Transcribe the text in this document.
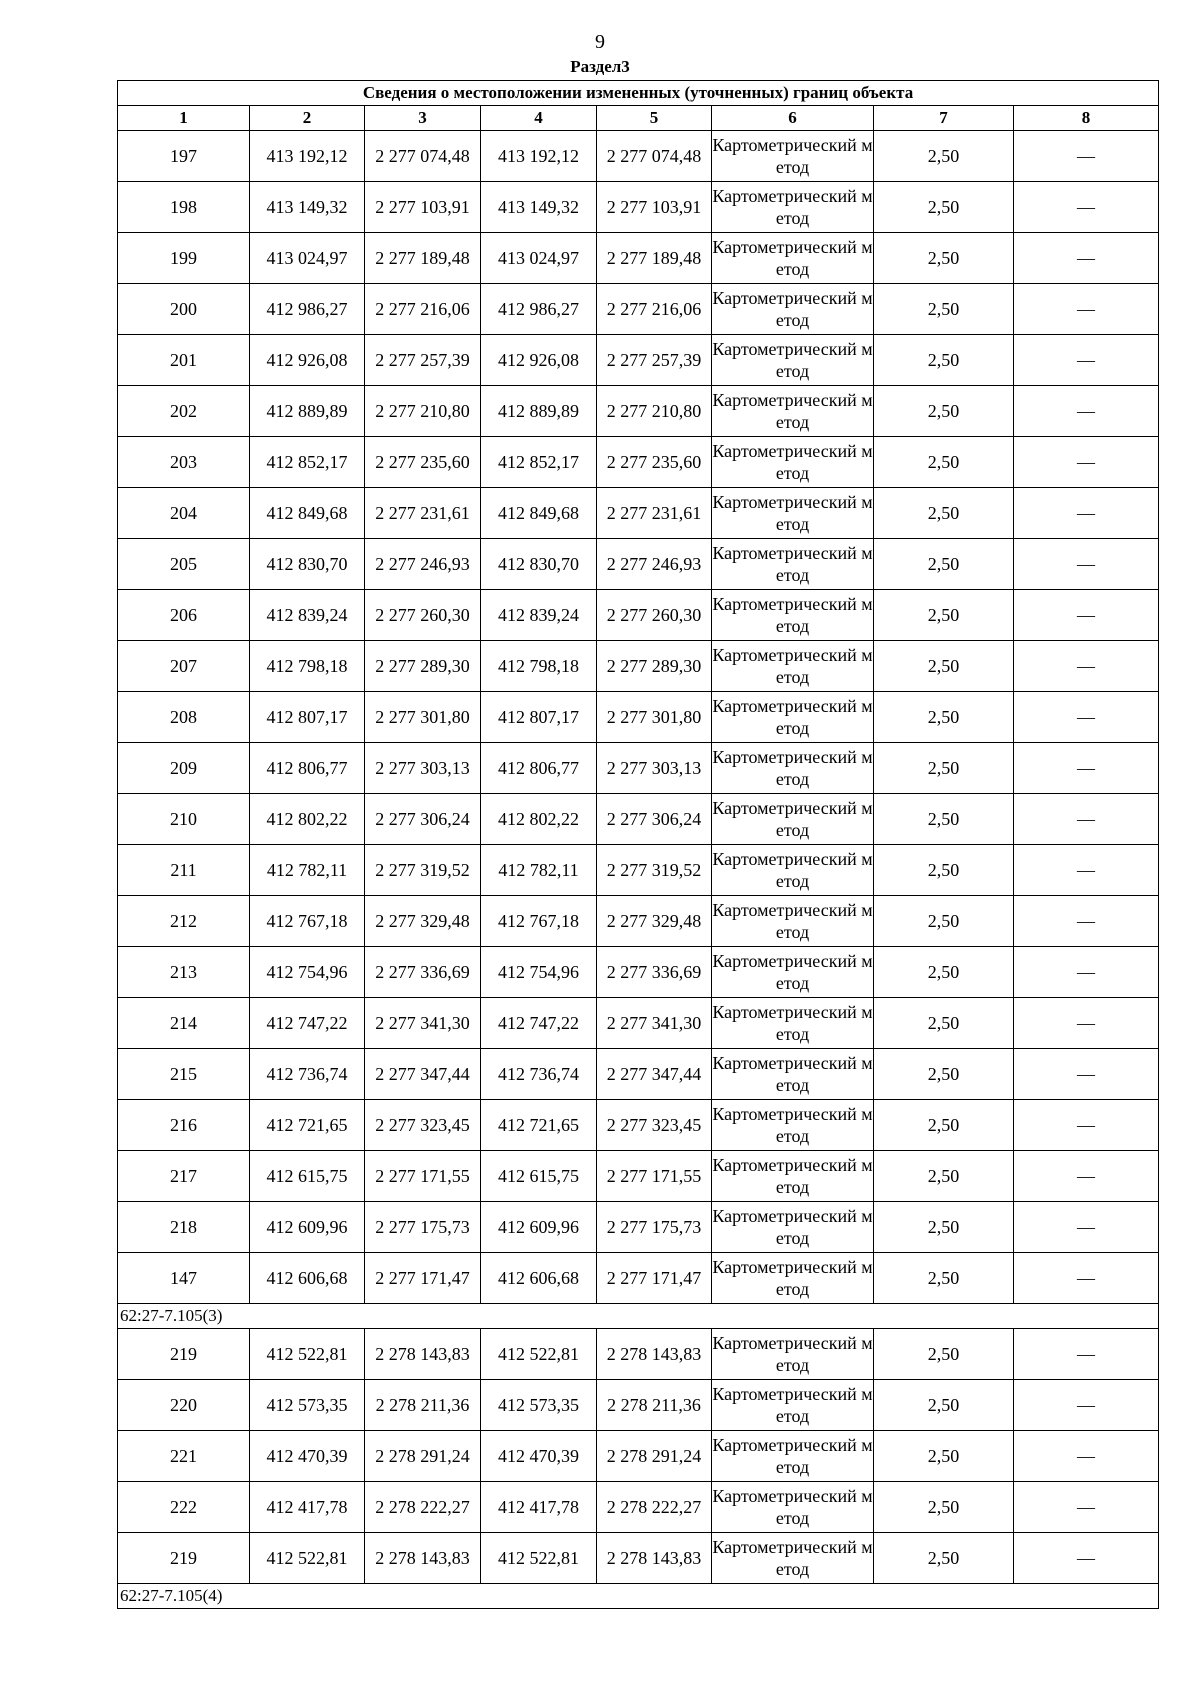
9
Раздел3
Сведения о местоположении измененных (уточненных) границ объекта							
1	2	3	4	5	6	7	8
197	413 192,12	2 277 074,48	413 192,12	2 277 074,48	Картометрический метод	2,50	—
198	413 149,32	2 277 103,91	413 149,32	2 277 103,91	Картометрический метод	2,50	—
199	413 024,97	2 277 189,48	413 024,97	2 277 189,48	Картометрический метод	2,50	—
200	412 986,27	2 277 216,06	412 986,27	2 277 216,06	Картометрический метод	2,50	—
201	412 926,08	2 277 257,39	412 926,08	2 277 257,39	Картометрический метод	2,50	—
202	412 889,89	2 277 210,80	412 889,89	2 277 210,80	Картометрический метод	2,50	—
203	412 852,17	2 277 235,60	412 852,17	2 277 235,60	Картометрический метод	2,50	—
204	412 849,68	2 277 231,61	412 849,68	2 277 231,61	Картометрический метод	2,50	—
205	412 830,70	2 277 246,93	412 830,70	2 277 246,93	Картометрический метод	2,50	—
206	412 839,24	2 277 260,30	412 839,24	2 277 260,30	Картометрический метод	2,50	—
207	412 798,18	2 277 289,30	412 798,18	2 277 289,30	Картометрический метод	2,50	—
208	412 807,17	2 277 301,80	412 807,17	2 277 301,80	Картометрический метод	2,50	—
209	412 806,77	2 277 303,13	412 806,77	2 277 303,13	Картометрический метод	2,50	—
210	412 802,22	2 277 306,24	412 802,22	2 277 306,24	Картометрический метод	2,50	—
211	412 782,11	2 277 319,52	412 782,11	2 277 319,52	Картометрический метод	2,50	—
212	412 767,18	2 277 329,48	412 767,18	2 277 329,48	Картометрический метод	2,50	—
213	412 754,96	2 277 336,69	412 754,96	2 277 336,69	Картометрический метод	2,50	—
214	412 747,22	2 277 341,30	412 747,22	2 277 341,30	Картометрический метод	2,50	—
215	412 736,74	2 277 347,44	412 736,74	2 277 347,44	Картометрический метод	2,50	—
216	412 721,65	2 277 323,45	412 721,65	2 277 323,45	Картометрический метод	2,50	—
217	412 615,75	2 277 171,55	412 615,75	2 277 171,55	Картометрический метод	2,50	—
218	412 609,96	2 277 175,73	412 609,96	2 277 175,73	Картометрический метод	2,50	—
147	412 606,68	2 277 171,47	412 606,68	2 277 171,47	Картометрический метод	2,50	—
62:27-7.105(3)							
219	412 522,81	2 278 143,83	412 522,81	2 278 143,83	Картометрический метод	2,50	—
220	412 573,35	2 278 211,36	412 573,35	2 278 211,36	Картометрический метод	2,50	—
221	412 470,39	2 278 291,24	412 470,39	2 278 291,24	Картометрический метод	2,50	—
222	412 417,78	2 278 222,27	412 417,78	2 278 222,27	Картометрический метод	2,50	—
219	412 522,81	2 278 143,83	412 522,81	2 278 143,83	Картометрический метод	2,50	—
62:27-7.105(4)							
